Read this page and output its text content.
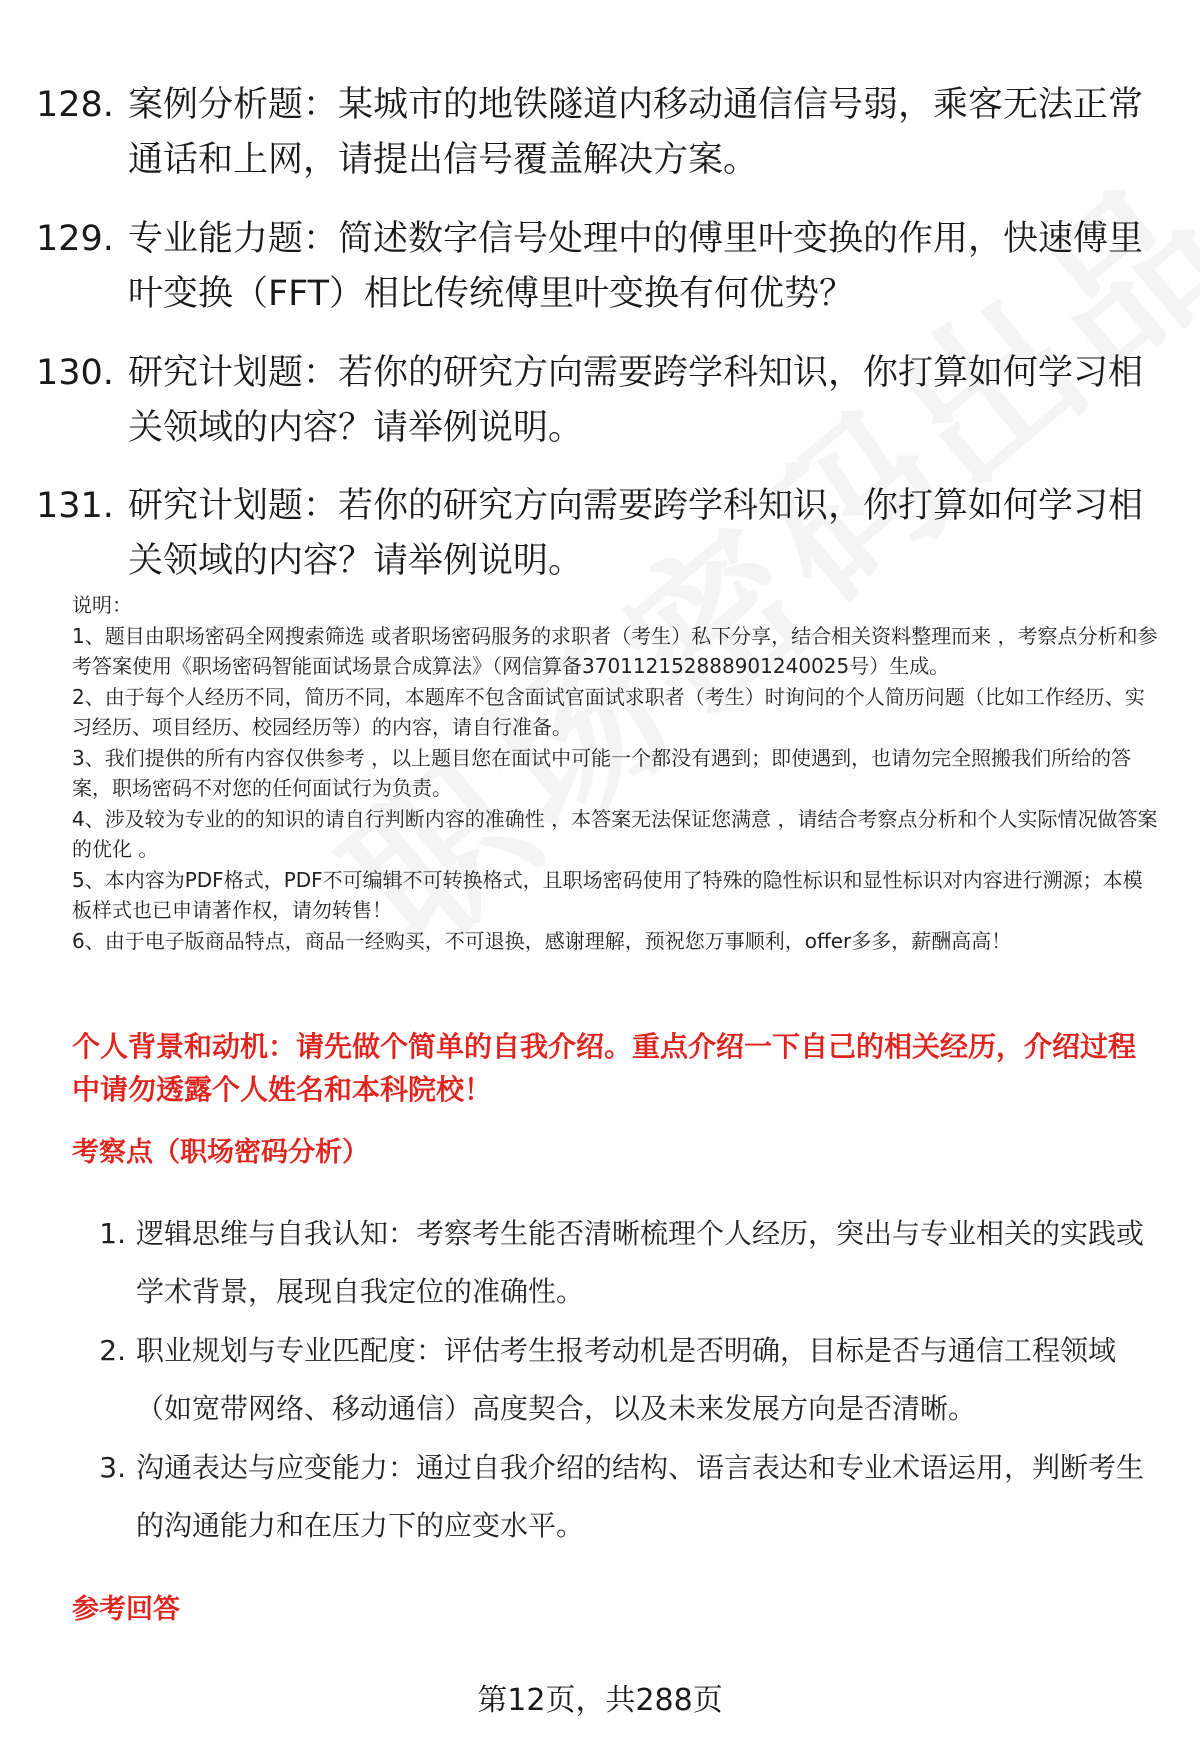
128. 案例分析题：某城市的地铁隧道内移动通信信号弱，乘客无法正常通话和上网，请提出信号覆盖解决方案。
129. 专业能力题：简述数字信号处理中的傅里叶变换的作用，快速傅里叶变换（FFT）相比传统傅里叶变换有何优势？
130. 研究计划题：若你的研究方向需要跨学科知识，你打算如何学习相关领域的内容？请举例说明。
131. 研究计划题：若你的研究方向需要跨学科知识，你打算如何学习相关领域的内容？请举例说明。

说明：

1、题目由职场密码全网搜索筛选 或者职场密码服务的求职者（考生）私下分享，结合相关资料整理而来 ，考察点分析和参考答案使用《职场密码智能面试场景合成算法》（网信算备370112152888901240025号）生成。

2、由于每个人经历不同，简历不同，本题库不包含面试官面试求职者（考生）时询问的个人简历问题（比如工作经历、实习经历、项目经历、校园经历等）的内容，请自行准备。

3、我们提供的所有内容仅供参考 ，以上题目您在面试中可能一个都没有遇到；即使遇到，也请勿完全照搬我们所给的答案，职场密码不对您的任何面试行为负责。

4、涉及较为专业的的知识的请自行判断内容的准确性 ，本答案无法保证您满意 ，请结合考察点分析和个人实际情况做答案的优化 。

5、本内容为PDF格式，PDF不可编辑不可转换格式，且职场密码使用了特殊的隐性标识和显性标识对内容进行溯源；本模板样式也已申请著作权，请勿转售！

6、由于电子版商品特点，商品一经购买，不可退换，感谢理解，预祝您万事顺利，offer多多，薪酬高高！

个人背景和动机：请先做个简单的自我介绍。重点介绍一下自己的相关经历，介绍过程中请勿透露个人姓名和本科院校！
考察点（职场密码分析）
1. 逻辑思维与自我认知：考察考生能否清晰梳理个人经历，突出与专业相关的实践或学术背景，展现自我定位的准确性。
2. 职业规划与专业匹配度：评估考生报考动机是否明确，目标是否与通信工程领域（如宽带网络、移动通信）高度契合，以及未来发展方向是否清晰。
3. 沟通表达与应变能力：通过自我介绍的结构、语言表达和专业术语运用，判断考生的沟通能力和在压力下的应变水平。
参考回答
第12页，共288页
